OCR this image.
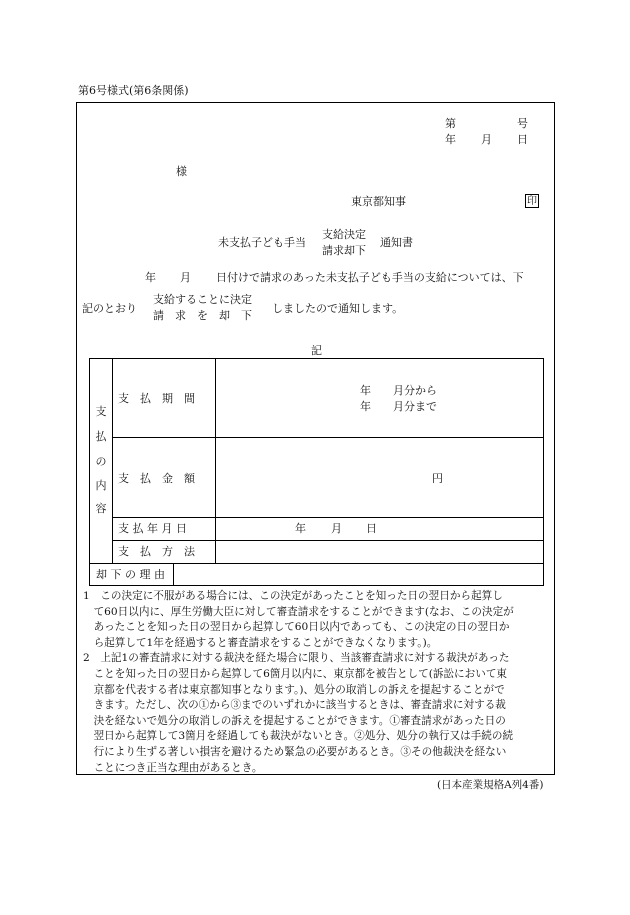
第6号様式(第6条関係)
第	号
年 月 日
様
東京都知事	印
未支払子ども手当
支給決定
請求却下
通知書
年 月 日付けで請求のあった未支払子ども手当の支給については、下
記のとおり
支給することに決定
請　求　を　却　下
しましたので通知します。
記
支
払
の
内
容
支　払　期　間
年　　月分から
年　　月分まで
支　払　金　額	円
支 払 年 月 日	年 月 日
支　払　方　法
却 下 の 理 由
1　この決定に不服がある場合には、この決定があったことを知った日の翌日から起算し
　て60日以内に、厚生労働大臣に対して審査請求をすることができます(なお、この決定が
　あったことを知った日の翌日から起算して60日以内であっても、この決定の日の翌日か
　ら起算して1年を経過すると審査請求をすることができなくなります。)。
2　上記1の審査請求に対する裁決を経た場合に限り、当該審査請求に対する裁決があった
　ことを知った日の翌日から起算して6箇月以内に、東京都を被告として(訴訟において東
　京都を代表する者は東京都知事となります。)、処分の取消しの訴えを提起することがで
　きます。ただし、次の①から③までのいずれかに該当するときは、審査請求に対する裁
　決を経ないで処分の取消しの訴えを提起することができます。①審査請求があった日の
　翌日から起算して3箇月を経過しても裁決がないとき。②処分、処分の執行又は手続の続
　行により生ずる著しい損害を避けるため緊急の必要があるとき。③その他裁決を経ない
　ことにつき正当な理由があるとき。
(日本産業規格A列4番)
